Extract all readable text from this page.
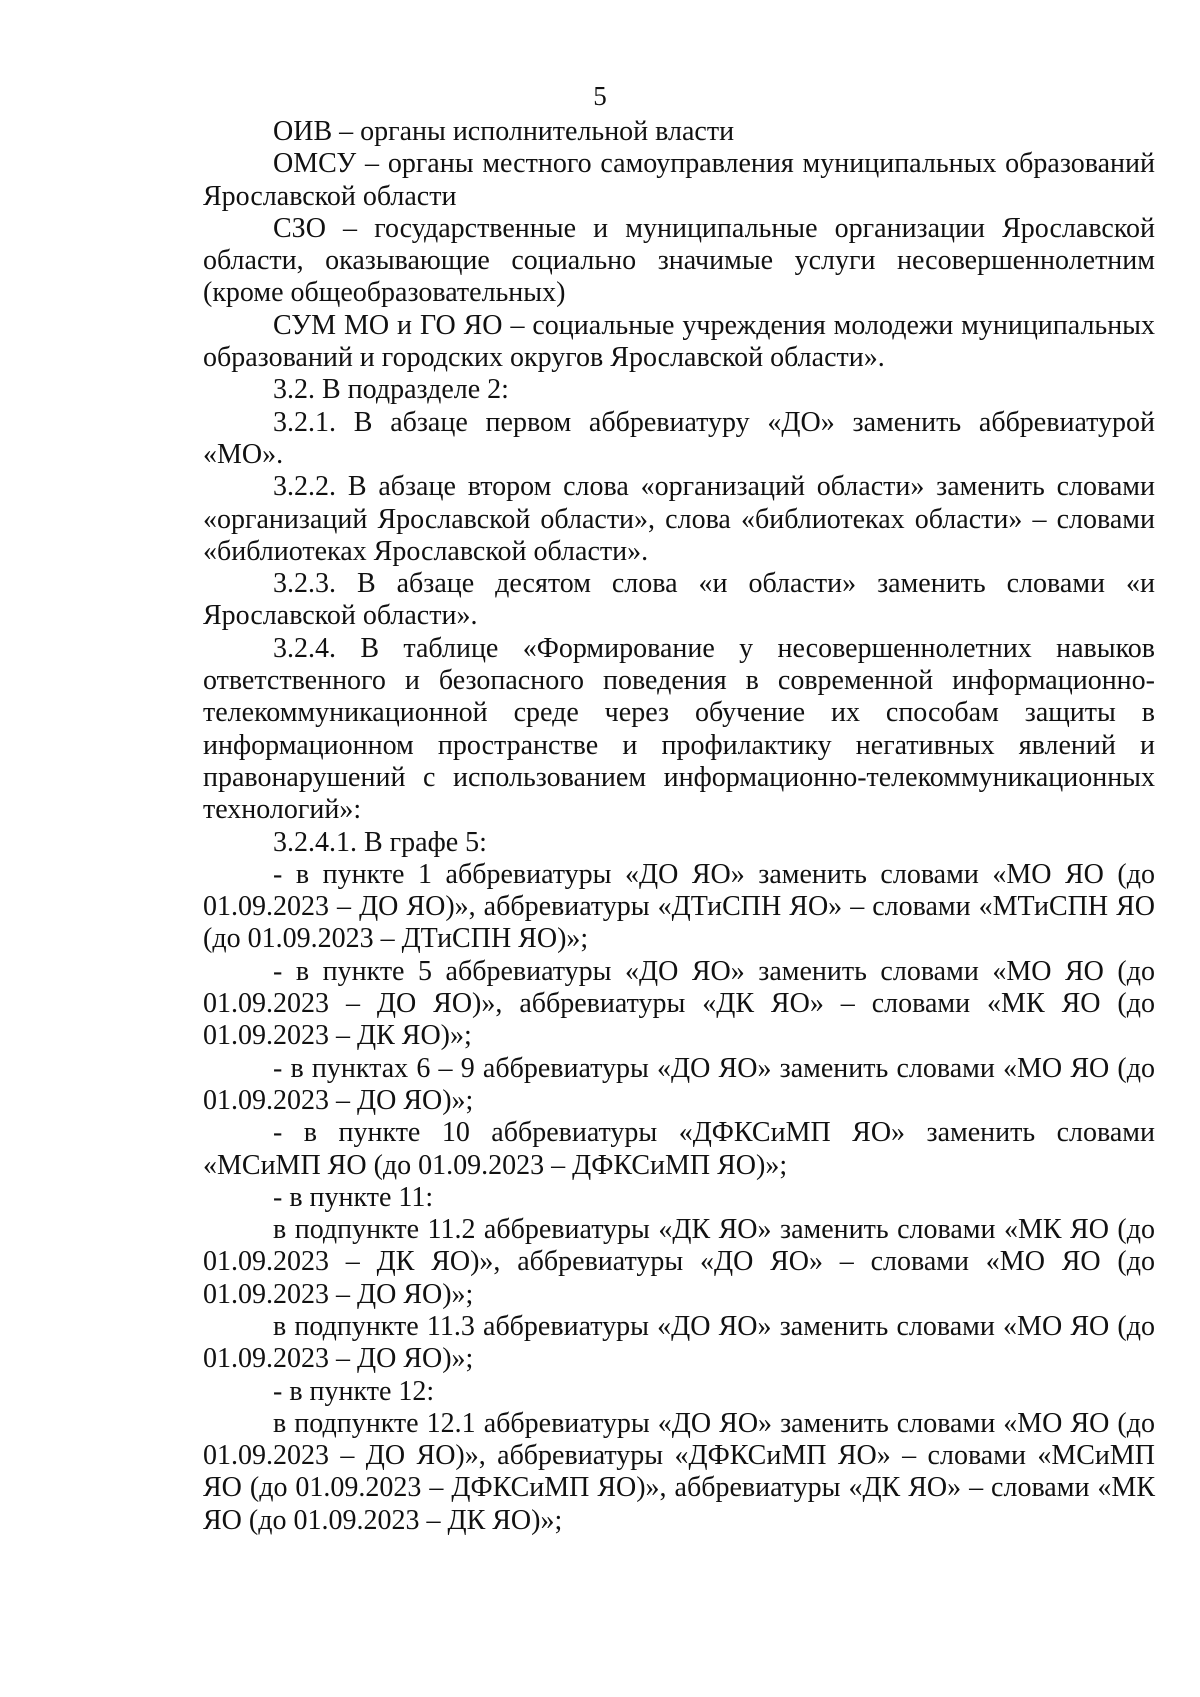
5

ОИВ – органы исполнительной власти

ОМСУ – органы местного самоуправления муниципальных образований Ярославской области

СЗО – государственные и муниципальные организации Ярославской области, оказывающие социально значимые услуги несовершеннолетним (кроме общеобразовательных)

СУМ МО и ГО ЯО – социальные учреждения молодежи муниципальных образований и городских округов Ярославской области».

3.2. В подразделе 2:

3.2.1. В абзаце первом аббревиатуру «ДО» заменить аббревиатурой «МО».

3.2.2. В абзаце втором слова «организаций области» заменить словами «организаций Ярославской области», слова «библиотеках области» – словами «библиотеках Ярославской области».

3.2.3. В абзаце десятом слова «и области» заменить словами «и Ярославской области».

3.2.4. В таблице «Формирование у несовершеннолетних навыков ответственного и безопасного поведения в современной информационно-телекоммуникационной среде через обучение их способам защиты в информационном пространстве и профилактику негативных явлений и правонарушений с использованием информационно-телекоммуникационных технологий»:

3.2.4.1. В графе 5:

- в пункте 1 аббревиатуры «ДО ЯО» заменить словами «МО ЯО (до 01.09.2023 – ДО ЯО)», аббревиатуры «ДТиСПН ЯО» – словами «МТиСПН ЯО (до 01.09.2023 – ДТиСПН ЯО)»;

- в пункте 5 аббревиатуры «ДО ЯО» заменить словами «МО ЯО (до 01.09.2023 – ДО ЯО)», аббревиатуры «ДК ЯО» – словами «МК ЯО (до 01.09.2023 – ДК ЯО)»;

- в пунктах 6 – 9 аббревиатуры «ДО ЯО» заменить словами «МО ЯО (до 01.09.2023 – ДО ЯО)»;

- в пункте 10 аббревиатуры «ДФКСиМП ЯО» заменить словами «МСиМП ЯО (до 01.09.2023 – ДФКСиМП ЯО)»;

- в пункте 11:

в подпункте 11.2 аббревиатуры «ДК ЯО» заменить словами «МК ЯО (до 01.09.2023 – ДК ЯО)», аббревиатуры «ДО ЯО» – словами «МО ЯО (до 01.09.2023 – ДО ЯО)»;

в подпункте 11.3 аббревиатуры «ДО ЯО» заменить словами «МО ЯО (до 01.09.2023 – ДО ЯО)»;

- в пункте 12:

в подпункте 12.1 аббревиатуры «ДО ЯО» заменить словами «МО ЯО (до 01.09.2023 – ДО ЯО)», аббревиатуры «ДФКСиМП ЯО» – словами «МСиМП ЯО (до 01.09.2023 – ДФКСиМП ЯО)», аббревиатуры «ДК ЯО» – словами «МК ЯО (до 01.09.2023 – ДК ЯО)»;
